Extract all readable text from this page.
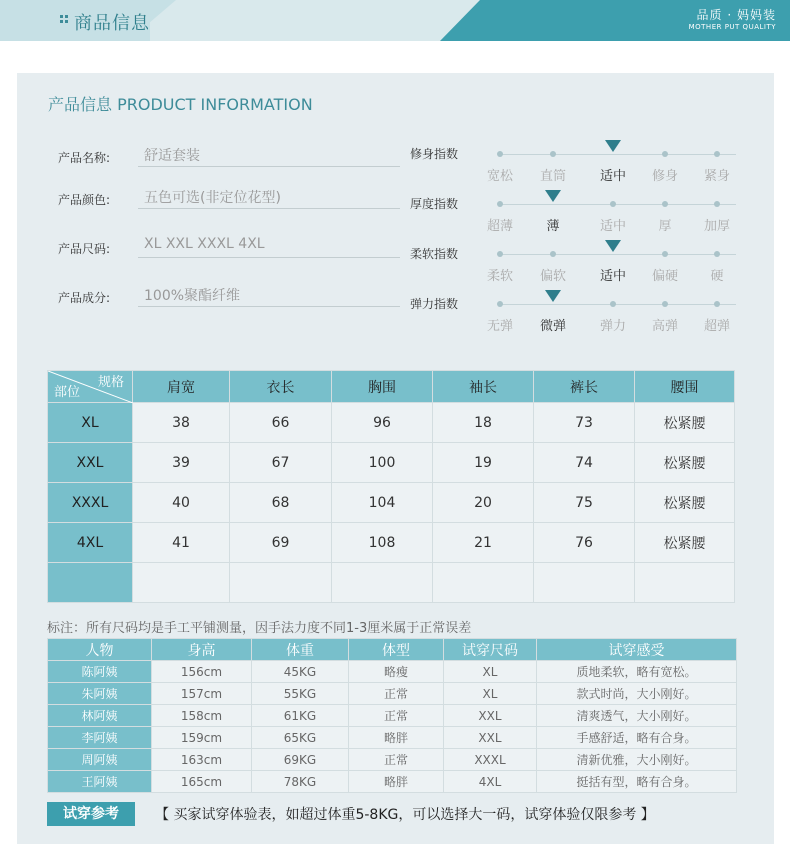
商品信息	品质 · 妈妈装
MOTHER PUT QUALITY
产品信息 PRODUCT INFORMATION
产品名称:	舒适套装
产品颜色:	五色可选(非定位花型)
产品尺码:	XL XXL XXXL 4XL
产品成分:	100%聚酯纤维
修身指数
宽松	直筒	适中	修身	紧身
厚度指数
超薄	薄	适中	厚	加厚
柔软指数
柔软	偏软	适中	偏硬	硬
弹力指数
无弹	微弹	弹力	高弹	超弹
规格
部位	肩宽	衣长	胸围	袖长	裤长	腰围
XL	38	66	96	18	73	松紧腰
XXL	39	67	100	19	74	松紧腰
XXXL	40	68	104	20	75	松紧腰
4XL	41	69	108	21	76	松紧腰

标注：所有尺码均是手工平铺测量，因手法力度不同1-3厘米属于正常误差
人物	身高	体重	体型	试穿尺码	试穿感受
陈阿姨	156cm	45KG	略瘦	XL	质地柔软，略有宽松。
朱阿姨	157cm	55KG	正常	XL	款式时尚，大小刚好。
林阿姨	158cm	61KG	正常	XXL	清爽透气，大小刚好。
李阿姨	159cm	65KG	略胖	XXL	手感舒适，略有合身。
周阿姨	163cm	69KG	正常	XXXL	清新优雅，大小刚好。
王阿姨	165cm	78KG	略胖	4XL	挺括有型，略有合身。
试穿参考	【 买家试穿体验表，如超过体重5-8KG，可以选择大一码，试穿体验仅限参考 】
